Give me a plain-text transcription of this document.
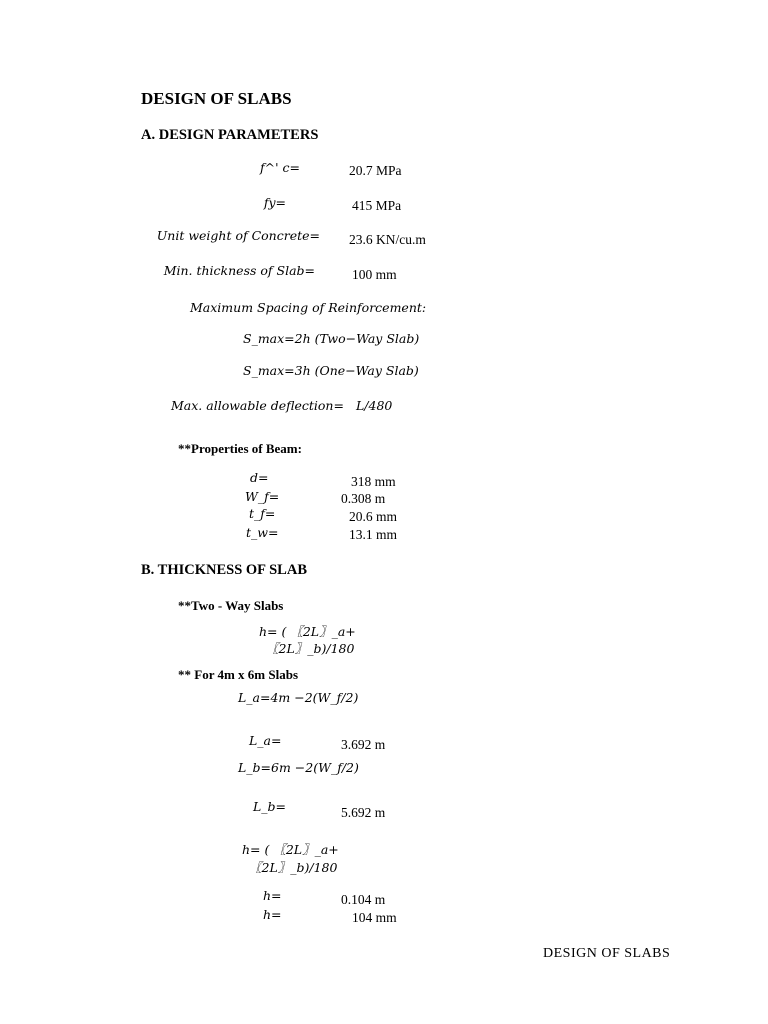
DESIGN OF SLABS
A. DESIGN PARAMETERS
f^' c=	20.7 MPa
fy=	415 MPa
Unit weight of Concrete= 23.6 KN/cu.m
Min. thickness of Slab=	100 mm
Maximum Spacing of Reinforcement:
S_max=2h (Two−Way Slab)
S_max=3h (One−Way Slab)
Max. allowable deflection= L/480
**Properties of Beam:
d=	318 mm
W_f=	0.308 m
t_f=	20.6 mm
t_w=	13.1 mm
B. THICKNESS OF SLAB
**Two - Way Slabs
h= ( 〖2L〗_a+
〖2L〗_b)/180
** For 4m x 6m Slabs
L_a=4m −2(W_f/2)
L_a=	3.692 m
L_b=6m −2(W_f/2)
L_b=	5.692 m
h= ( 〖2L〗_a+
〖2L〗_b)/180
h=	0.104 m
h=	104 mm
DESIGN OF SLABS
